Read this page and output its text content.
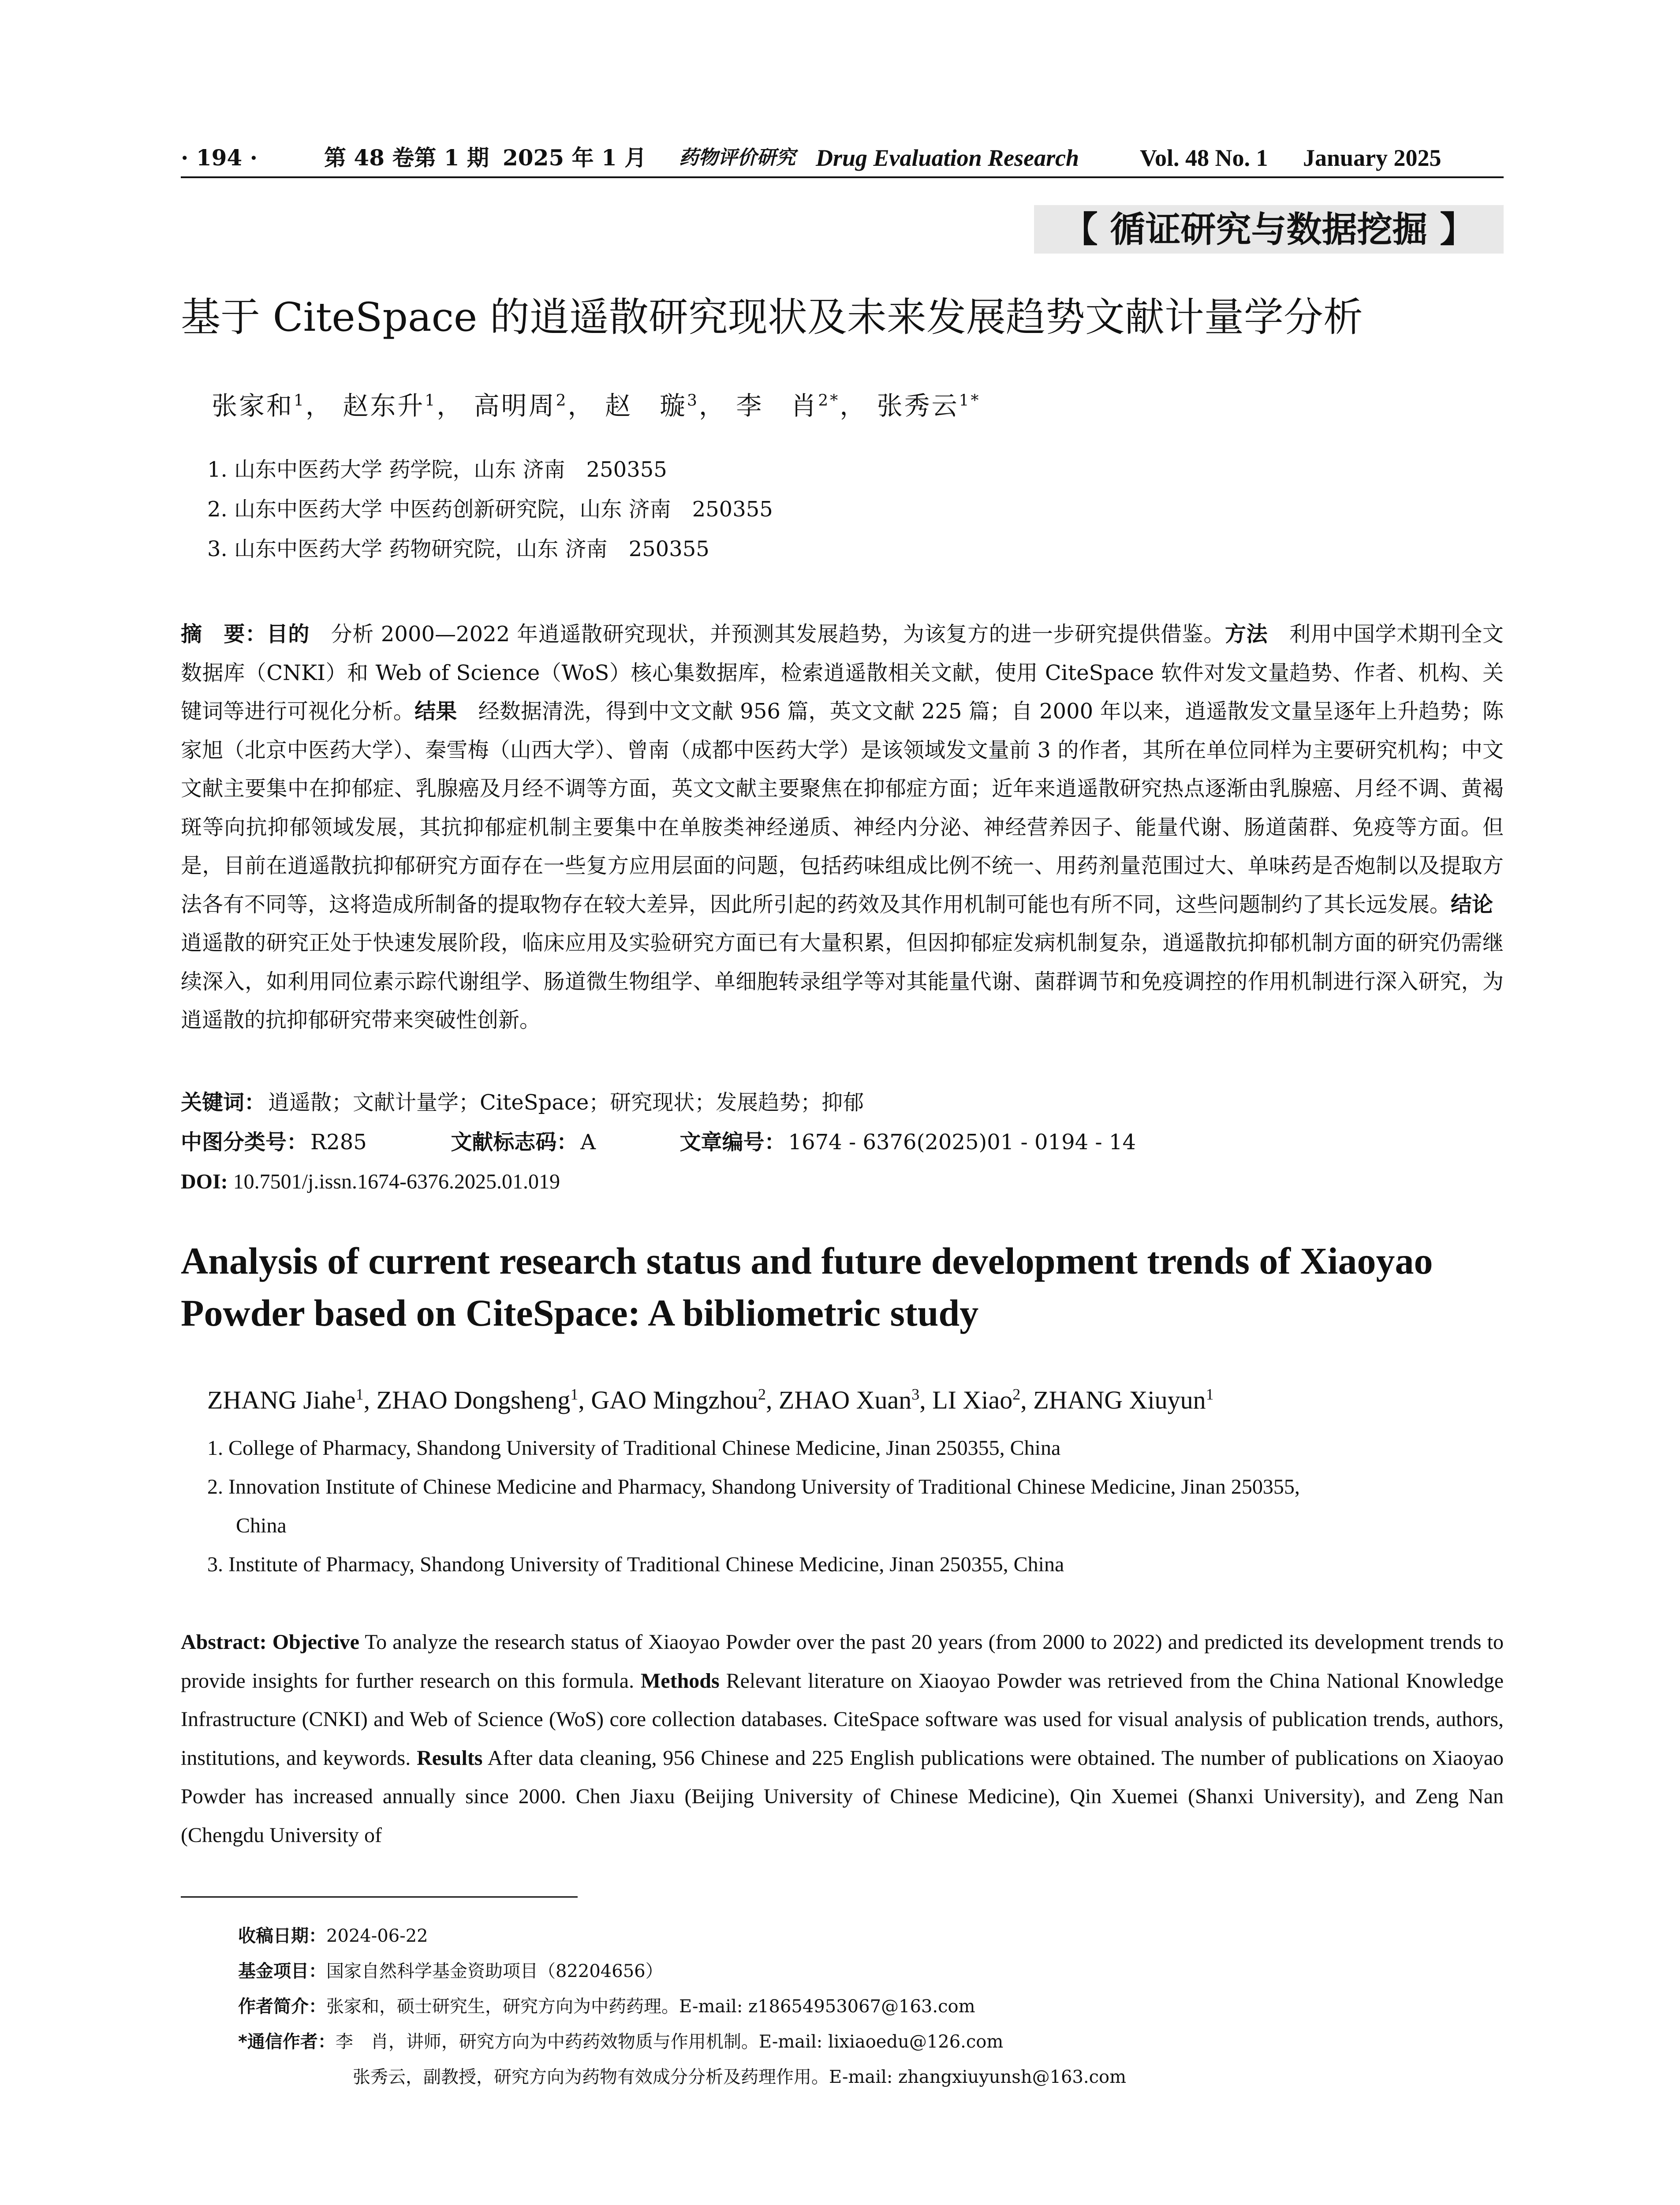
· 194 ·	第 48 卷第 1 期 2025 年 1 月 药物评价研究 Drug Evaluation Research	Vol. 48 No. 1 January 2025
【 循证研究与数据挖掘 】
基于 CiteSpace 的逍遥散研究现状及未来发展趋势文献计量学分析
张家和$^1$， 赵东升$^1$， 高明周$^2$， 赵　璇$^3$， 李　肖$^{2*}$， 张秀云$^{1*}$
1. 山东中医药大学 药学院，山东 济南　250355
2. 山东中医药大学 中医药创新研究院，山东 济南　250355
3. 山东中医药大学 药物研究院，山东 济南　250355
摘　要：目的　分析 2000—2022 年逍遥散研究现状，并预测其发展趋势，为该复方的进一步研究提供借鉴。方法　利用中国学术期刊全文数据库（CNKI）和 Web of Science（WoS）核心集数据库，检索逍遥散相关文献，使用 CiteSpace 软件对发文量趋势、作者、机构、关键词等进行可视化分析。结果　经数据清洗，得到中文文献 956 篇，英文文献 225 篇；自 2000 年以来，逍遥散发文量呈逐年上升趋势；陈家旭（北京中医药大学）、秦雪梅（山西大学）、曾南（成都中医药大学）是该领域发文量前 3 的作者，其所在单位同样为主要研究机构；中文文献主要集中在抑郁症、乳腺癌及月经不调等方面，英文文献主要聚焦在抑郁症方面；近年来逍遥散研究热点逐渐由乳腺癌、月经不调、黄褐斑等向抗抑郁领域发展，其抗抑郁症机制主要集中在单胺类神经递质、神经内分泌、神经营养因子、能量代谢、肠道菌群、免疫等方面。但是，目前在逍遥散抗抑郁研究方面存在一些复方应用层面的问题，包括药味组成比例不统一、用药剂量范围过大、单味药是否炮制以及提取方法各有不同等，这将造成所制备的提取物存在较大差异，因此所引起的药效及其作用机制可能也有所不同，这些问题制约了其长远发展。结论　逍遥散的研究正处于快速发展阶段，临床应用及实验研究方面已有大量积累，但因抑郁症发病机制复杂，逍遥散抗抑郁机制方面的研究仍需继续深入，如利用同位素示踪代谢组学、肠道微生物组学、单细胞转录组学等对其能量代谢、菌群调节和免疫调控的作用机制进行深入研究，为逍遥散的抗抑郁研究带来突破性创新。
关键词： 逍遥散；文献计量学；CiteSpace；研究现状；发展趋势；抑郁
中图分类号： R285	文献标志码： A	文章编号： 1674 - 6376(2025)01 - 0194 - 14
DOI: 10.7501/j.issn.1674-6376.2025.01.019
Analysis of current research status and future development trends of Xiaoyao
Powder based on CiteSpace: A bibliometric study
ZHANG Jiahe$^1$, ZHAO Dongsheng$^1$, GAO Mingzhou$^2$, ZHAO Xuan$^3$, LI Xiao$^2$, ZHANG Xiuyun$^1$
1. College of Pharmacy, Shandong University of Traditional Chinese Medicine, Jinan 250355, China
2. Innovation Institute of Chinese Medicine and Pharmacy, Shandong University of Traditional Chinese Medicine, Jinan 250355,
China
3. Institute of Pharmacy, Shandong University of Traditional Chinese Medicine, Jinan 250355, China
Abstract: Objective To analyze the research status of Xiaoyao Powder over the past 20 years (from 2000 to 2022) and predicted its development trends to provide insights for further research on this formula. Methods Relevant literature on Xiaoyao Powder was retrieved from the China National Knowledge Infrastructure (CNKI) and Web of Science (WoS) core collection databases. CiteSpace software was used for visual analysis of publication trends, authors, institutions, and keywords. Results After data cleaning, 956 Chinese and 225 English publications were obtained. The number of publications on Xiaoyao Powder has increased annually since 2000. Chen Jiaxu (Beijing University of Chinese Medicine), Qin Xuemei (Shanxi University), and Zeng Nan (Chengdu University of
收稿日期：2024-06-22
基金项目：国家自然科学基金资助项目（82204656）
作者简介：张家和，硕士研究生，研究方向为中药药理。E-mail: z18654953067@163.com
*通信作者：李　肖，讲师，研究方向为中药药效物质与作用机制。E-mail: lixiaoedu@126.com
张秀云，副教授，研究方向为药物有效成分分析及药理作用。E-mail: zhangxiuyunsh@163.com
